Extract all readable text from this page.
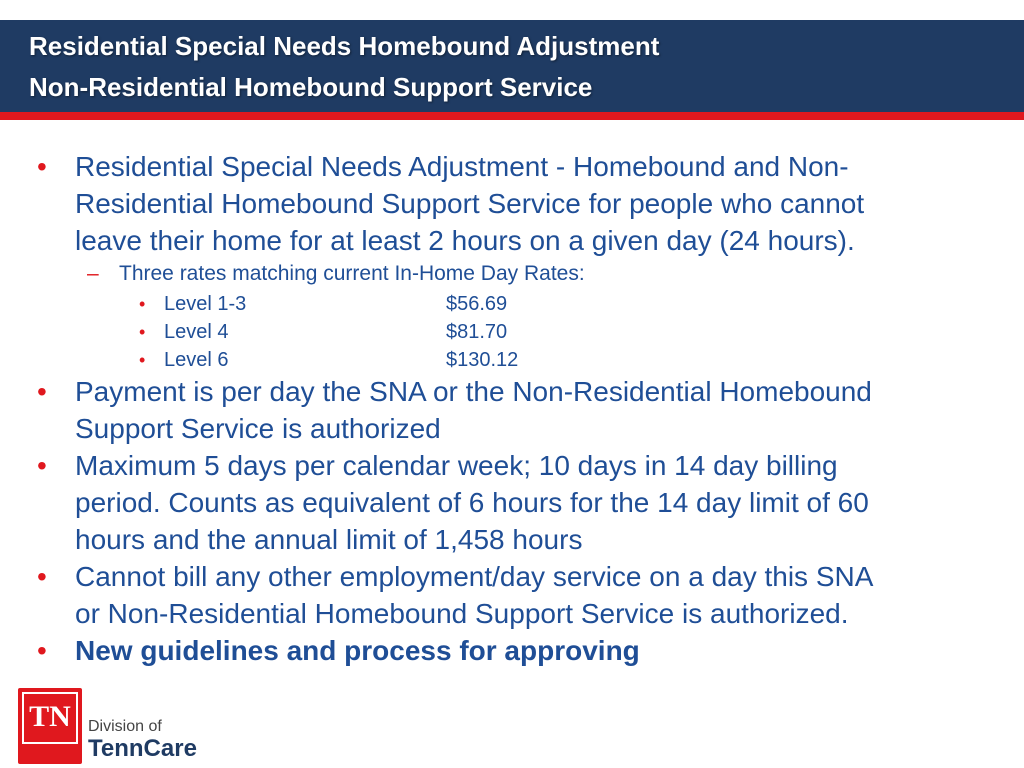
Residential Special Needs Homebound Adjustment
Non-Residential Homebound Support Service
• Residential Special Needs Adjustment - Homebound and Non-
Residential Homebound Support Service for people who cannot
leave their home for at least 2 hours on a given day (24 hours).
– Three rates matching current In-Home Day Rates:
• Level 1-3	$56.69
• Level 4	$81.70
• Level 6	$130.12
• Payment is per day the SNA or the Non-Residential Homebound
Support Service is authorized
• Maximum 5 days per calendar week; 10 days in 14 day billing
period. Counts as equivalent of 6 hours for the 14 day limit of 60
hours and the annual limit of 1,458 hours
• Cannot bill any other employment/day service on a day this SNA
or Non-Residential Homebound Support Service is authorized.
• New guidelines and process for approving
TN	Division of
TennCare
